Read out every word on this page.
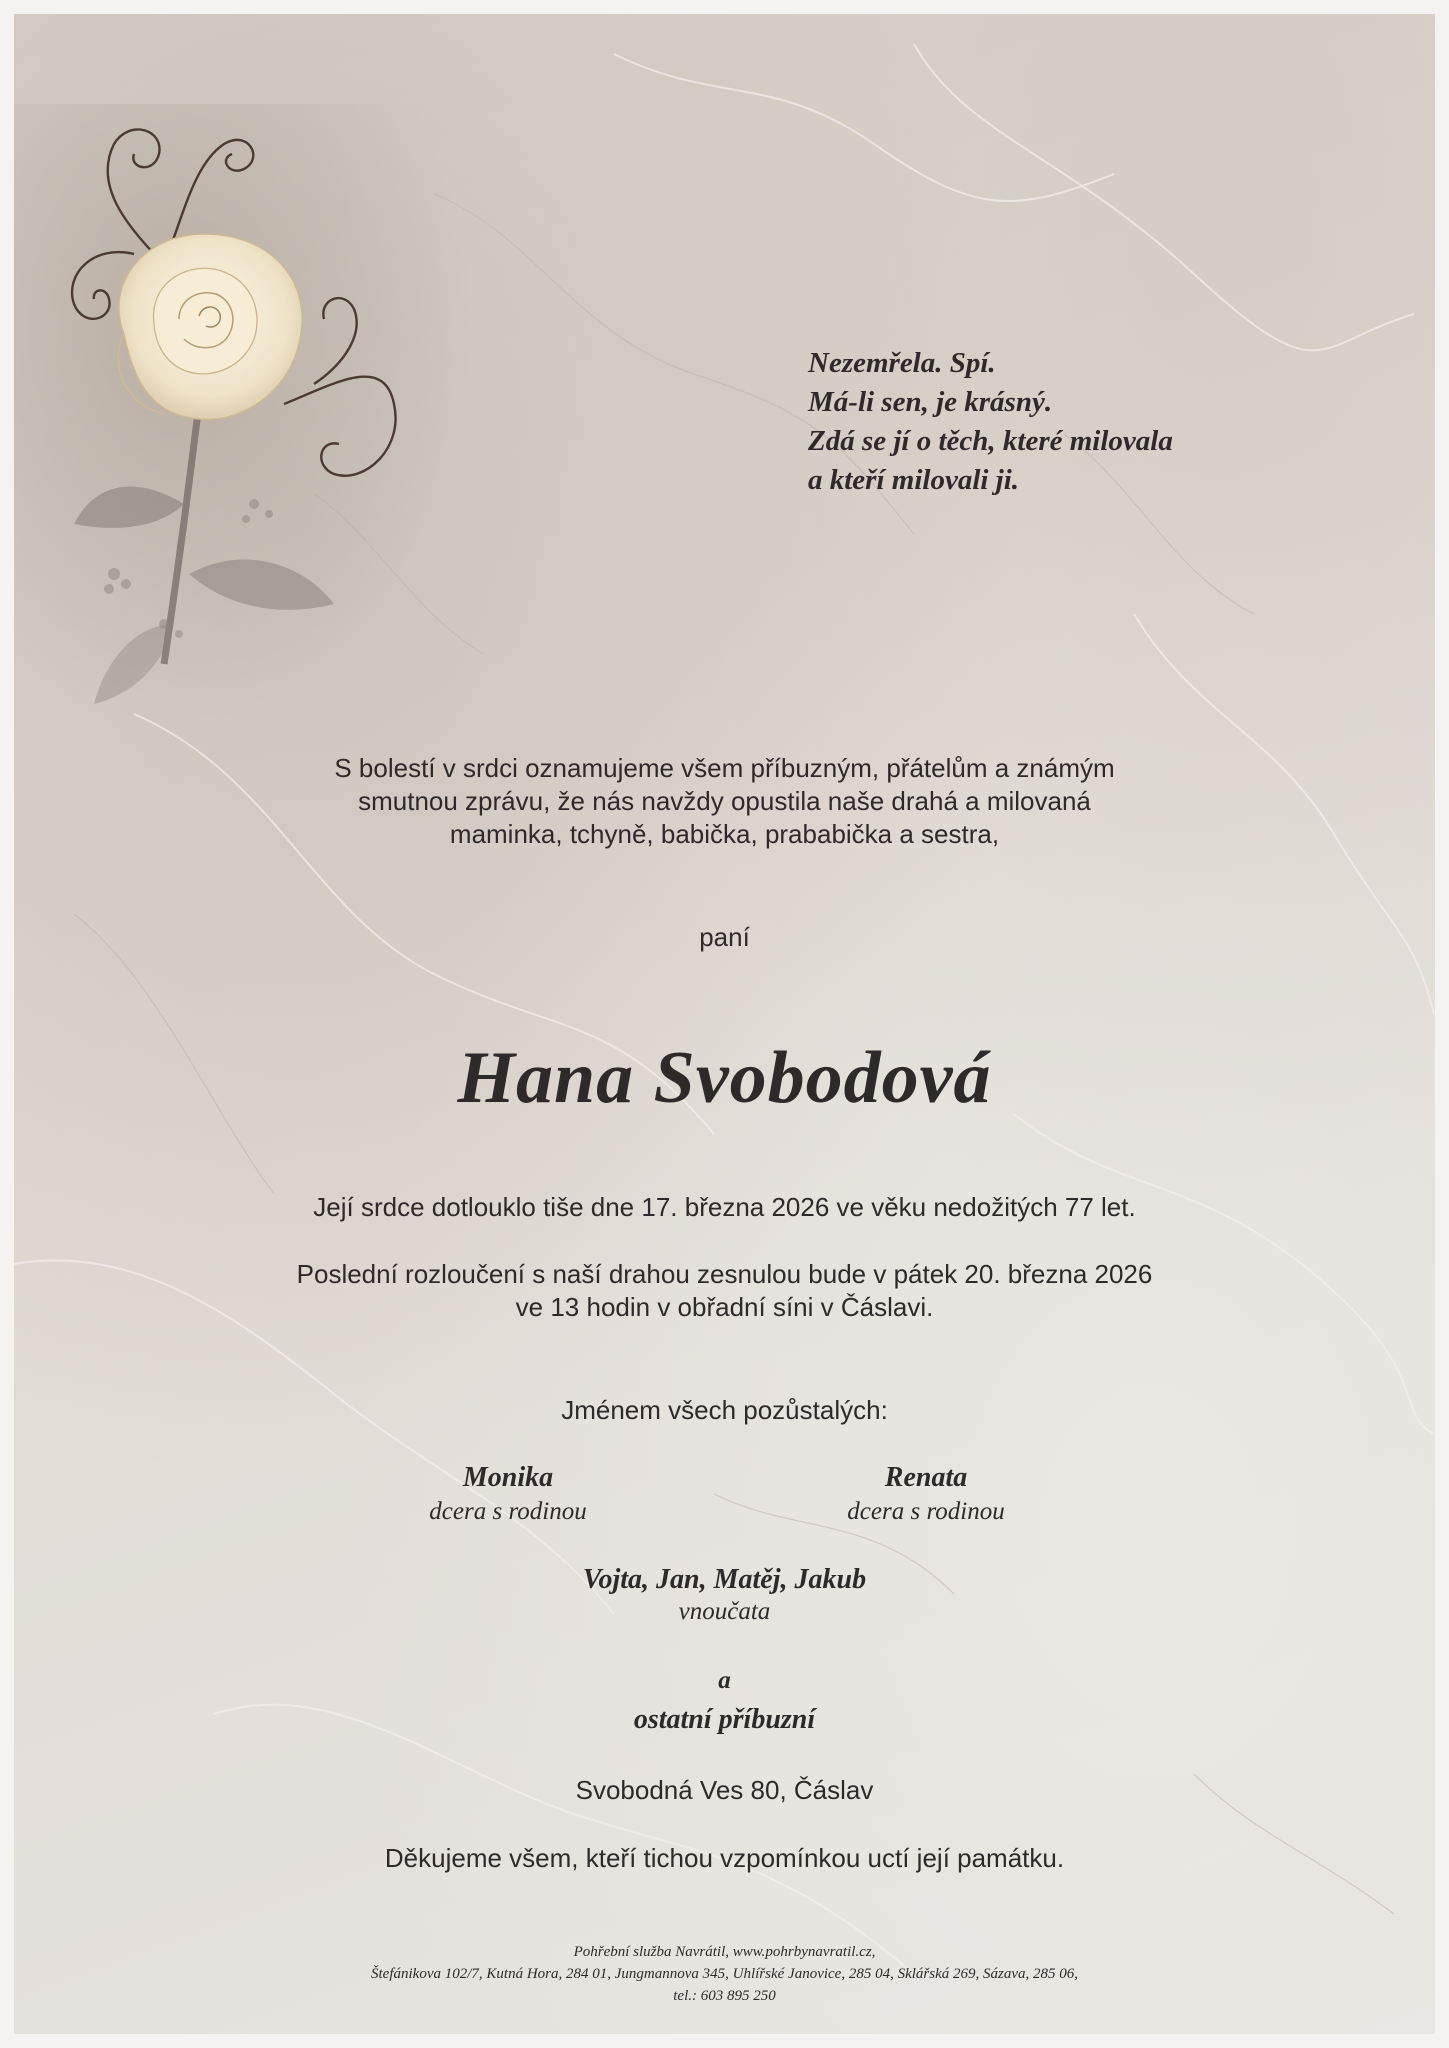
Nezemřela. Spí.
Má-li sen, je krásný.
Zdá se jí o těch, které milovala
a kteří milovali ji.
S bolestí v srdci oznamujeme všem příbuzným, přátelům a známým
smutnou zprávu, že nás navždy opustila naše drahá a milovaná
maminka, tchyně, babička, prababička a sestra,
paní
Hana Svobodová
Její srdce dotlouklo tiše dne 17. března 2026 ve věku nedožitých 77 let.
Poslední rozloučení s naší drahou zesnulou bude v pátek 20. března 2026
ve 13 hodin v obřadní síni v Čáslavi.
Jménem všech pozůstalých:
Monika
dcera s rodinou
Renata
dcera s rodinou
Vojta, Jan, Matěj, Jakub
vnoučata
a
ostatní příbuzní
Svobodná Ves 80, Čáslav
Děkujeme všem, kteří tichou vzpomínkou uctí její památku.
Pohřební služba Navrátil, www.pohrbynavratil.cz,
Štefánikova 102/7, Kutná Hora, 284 01, Jungmannova 345, Uhlířské Janovice, 285 04, Sklářská 269, Sázava, 285 06,
tel.: 603 895 250
